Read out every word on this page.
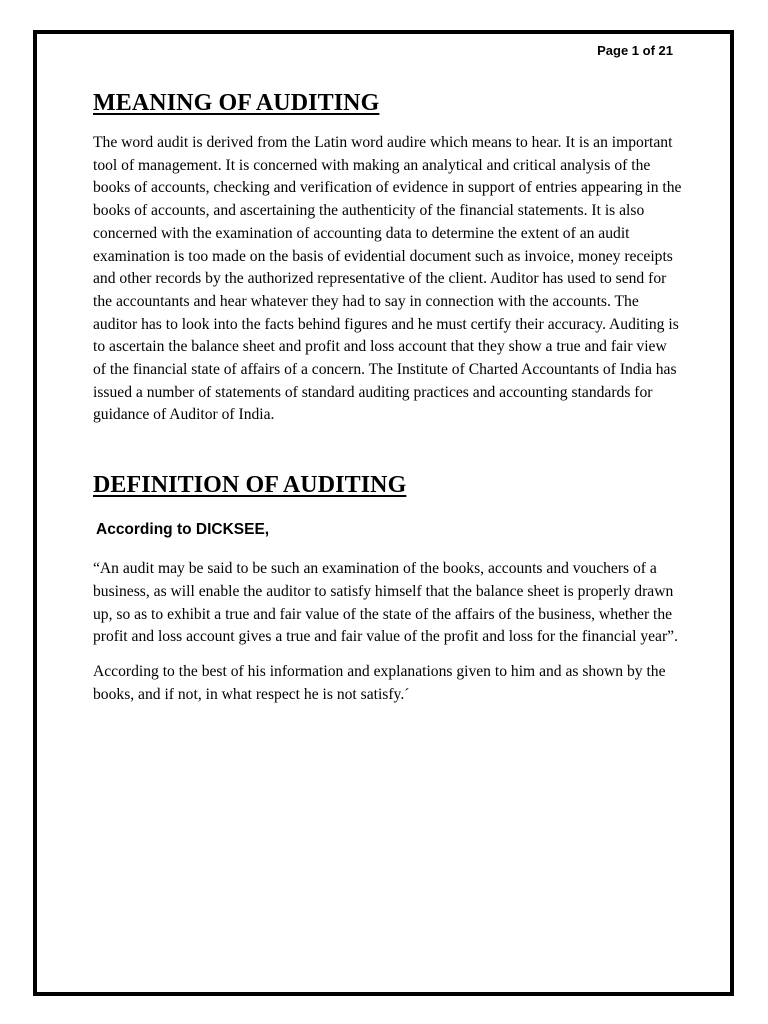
Page 1 of 21
MEANING OF AUDITING

The word audit is derived from the Latin word audire which means to hear. It is an important tool of management. It is concerned with making an analytical and critical analysis of the books of accounts, checking and verification of evidence in support of entries appearing in the books of accounts, and ascertaining the authenticity of the financial statements. It is also concerned with the examination of accounting data to determine the extent of an audit examination is too made on the basis of evidential document such as invoice, money receipts and other records by the authorized representative of the client. Auditor has used to send for the accountants and hear whatever they had to say in connection with the accounts. The auditor has to look into the facts behind figures and he must certify their accuracy. Auditing is to ascertain the balance sheet and profit and loss account that they show a true and fair view of the financial state of affairs of a concern. The Institute of Charted Accountants of India has issued a number of statements of standard auditing practices and accounting standards for guidance of Auditor of India.

DEFINITION OF AUDITING
According to DICKSEE,

“An audit may be said to be such an examination of the books, accounts and vouchers of a business, as will enable the auditor to satisfy himself that the balance sheet is properly drawn up, so as to exhibit a true and fair value of the state of the affairs of the business, whether the profit and loss account gives a true and fair value of the profit and loss for the financial year”.

According to the best of his information and explanations given to him and as shown by the books, and if not, in what respect he is not satisfy.´
